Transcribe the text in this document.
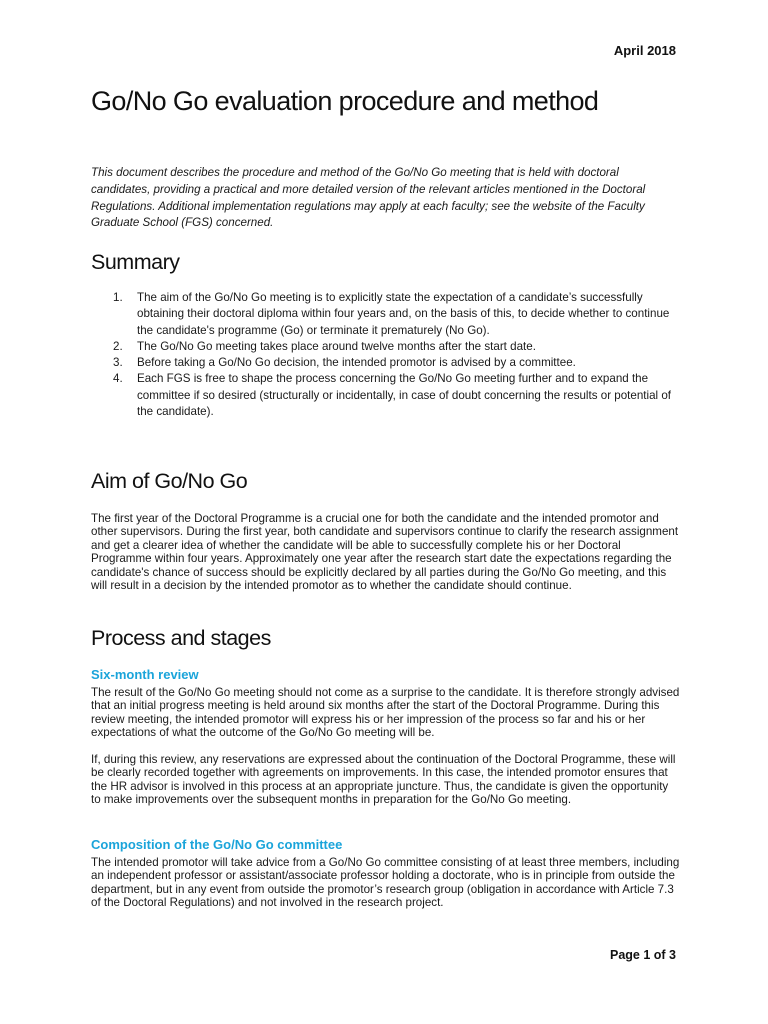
April 2018
Go/No Go evaluation procedure and method

This document describes the procedure and method of the Go/No Go meeting that is held with doctoral candidates, providing a practical and more detailed version of the relevant articles mentioned in the Doctoral Regulations. Additional implementation regulations may apply at each faculty; see the website of the Faculty Graduate School (FGS) concerned.

Summary
1. The aim of the Go/No Go meeting is to explicitly state the expectation of a candidate’s successfully obtaining their doctoral diploma within four years and, on the basis of this, to decide whether to continue the candidate's programme (Go) or terminate it prematurely (No Go).
2. The Go/No Go meeting takes place around twelve months after the start date.
3. Before taking a Go/No Go decision, the intended promotor is advised by a committee.
4. Each FGS is free to shape the process concerning the Go/No Go meeting further and to expand the committee if so desired (structurally or incidentally, in case of doubt concerning the results or potential of the candidate).
Aim of Go/No Go

The first year of the Doctoral Programme is a crucial one for both the candidate and the intended promotor and other supervisors. During the first year, both candidate and supervisors continue to clarify the research assignment and get a clearer idea of whether the candidate will be able to successfully complete his or her Doctoral Programme within four years. Approximately one year after the research start date the expectations regarding the candidate's chance of success should be explicitly declared by all parties during the Go/No Go meeting, and this will result in a decision by the intended promotor as to whether the candidate should continue.

Process and stages
Six-month review

The result of the Go/No Go meeting should not come as a surprise to the candidate. It is therefore strongly advised that an initial progress meeting is held around six months after the start of the Doctoral Programme. During this review meeting, the intended promotor will express his or her impression of the process so far and his or her expectations of what the outcome of the Go/No Go meeting will be.

If, during this review, any reservations are expressed about the continuation of the Doctoral Programme, these will be clearly recorded together with agreements on improvements. In this case, the intended promotor ensures that the HR advisor is involved in this process at an appropriate juncture. Thus, the candidate is given the opportunity to make improvements over the subsequent months in preparation for the Go/No Go meeting.

Composition of the Go/No Go committee

The intended promotor will take advice from a Go/No Go committee consisting of at least three members, including an independent professor or assistant/associate professor holding a doctorate, who is in principle from outside the department, but in any event from outside the promotor’s research group (obligation in accordance with Article 7.3 of the Doctoral Regulations) and not involved in the research project.

Page 1 of 3
